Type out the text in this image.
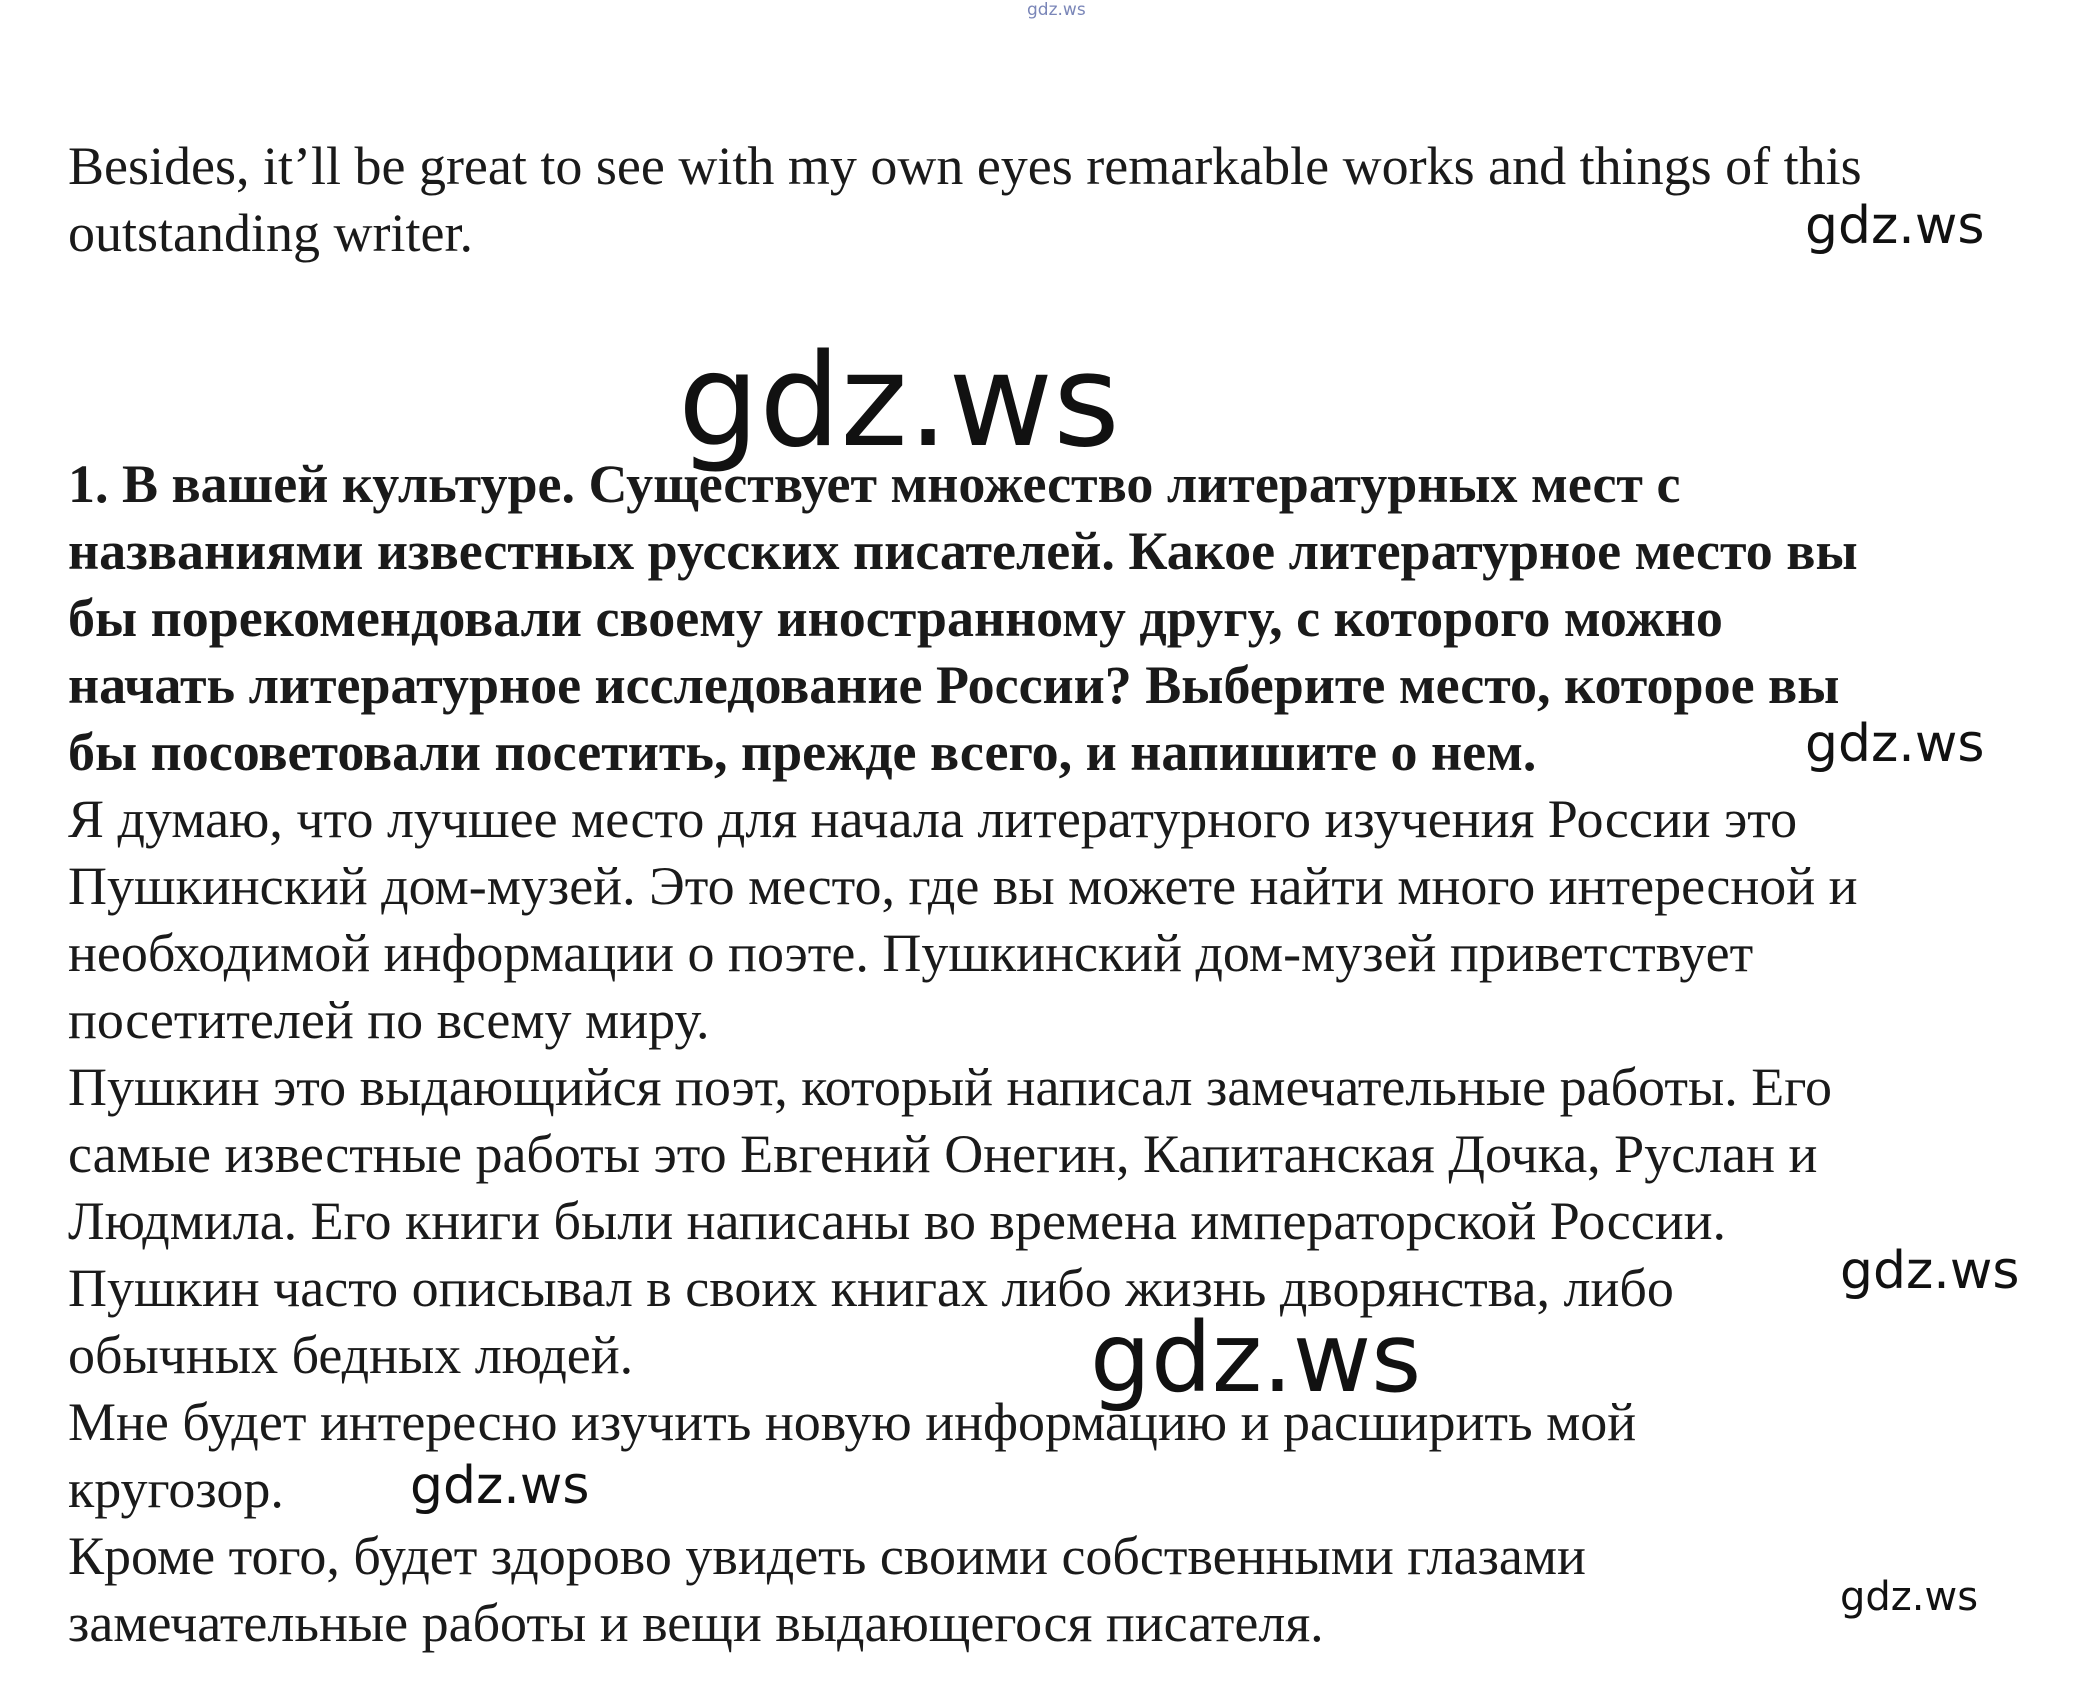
Besides, it’ll be great to see with my own eyes remarkable works and things of this
outstanding writer.
1. В вашей культуре. Существует множество литературных мест с
названиями известных русских писателей. Какое литературное место вы
бы порекомендовали своему иностранному другу, с которого можно
начать литературное исследование России? Выберите место, которое вы
бы посоветовали посетить, прежде всего, и напишите о нем.
Я думаю, что лучшее место для начала литературного изучения России это
Пушкинский дом-музей. Это место, где вы можете найти много интересной и
необходимой информации о поэте. Пушкинский дом-музей приветствует
посетителей по всему миру.
Пушкин это выдающийся поэт, который написал замечательные работы. Его
самые известные работы это Евгений Онегин, Капитанская Дочка, Руслан и
Людмила. Его книги были написаны во времена императорской России.
Пушкин часто описывал в своих книгах либо жизнь дворянства, либо
обычных бедных людей.
Мне будет интересно изучить новую информацию и расширить мой
кругозор.
Кроме того, будет здорово увидеть своими собственными глазами
замечательные работы и вещи выдающегося писателя.
gdz.ws
gdz.ws
gdz.ws
gdz.ws
gdz.ws
gdz.ws
gdz.ws
gdz.ws
